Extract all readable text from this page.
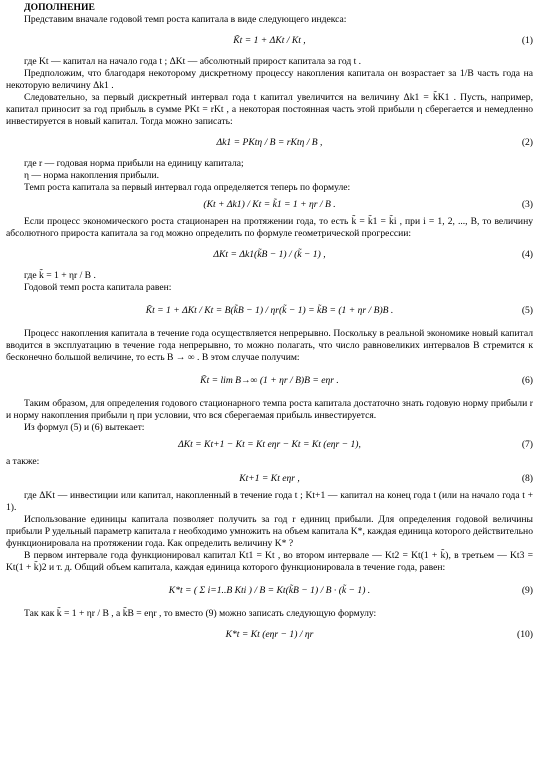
ДОПОЛНЕНИЕ

Представим вначале годовой темп роста капитала в виде следующего индекса:

K̃t = 1 + ΔKt / Kt ,	(1)

где Kt — капитал на начало года t ; ΔKt — абсолютный прирост капитала за год t .

Предположим, что благодаря некоторому дискретному процессу накопления капитала он возрастает за 1/B часть года на некоторую величину Δk1 .

Следовательно, за первый дискретный интервал года t капитал увеличится на величину Δk1 = k̃K1 . Пусть, например, капитал приносит за год прибыль в сумме PKt = rKt , а некоторая постоянная часть этой прибыли η сберегается и немедленно инвестируется в новый капитал. Тогда можно записать:

Δk1 = PKtη / B = rKtη / B ,	(2)

где r — годовая норма прибыли на единицу капитала;

η — норма накопления прибыли.

Темп роста капитала за первый интервал года определяется теперь по формуле:

(Kt + Δk1) / Kt = k̃1 = 1 + ηr / B .	(3)

Если процесс экономического роста стационарен на протяжении года, то есть k̃ = k̃1 = k̃i , при i = 1, 2, ..., B, то величину абсолютного прироста капитала за год можно определить по формуле геометрической прогрессии:

ΔKt = Δk1(k̃B − 1) / (k̃ − 1) ,	(4)

где k̃ = 1 + ηr / B .

Годовой темп роста капитала равен:

K̃t = 1 + ΔKt / Kt = B(k̃B − 1) / ηr(k̃ − 1) = k̃B = (1 + ηr / B)B .	(5)

Процесс накопления капитала в течение года осуществляется непрерывно. Поскольку в реальной экономике новый капитал вводится в эксплуатацию в течение года непрерывно, то можно полагать, что число равновеликих интервалов B стремится к бесконечно большой величине, то есть B → ∞ . В этом случае получим:

K̃t = lim B→∞ (1 + ηr / B)B = eηr .	(6)

Таким образом, для определения годового стационарного темпа роста капитала достаточно знать годовую норму прибыли r и норму накопления прибыли η при условии, что вся сберегаемая прибыль инвестируется.

Из формул (5) и (6) вытекает:

ΔKt = Kt+1 − Kt = Kt eηr − Kt = Kt (eηr − 1),	(7)

а также:

Kt+1 = Kt eηr ,	(8)

где ΔKt — инвестиции или капитал, накопленный в течение года t ; Kt+1 — капитал на конец года t (или на начало года t + 1).

Использование единицы капитала позволяет получить за год r единиц прибыли. Для определения годовой величины прибыли P удельный параметр капитала r необходимо умножить на объем капитала K*, каждая единица которого действительно функционировала на протяжении года. Как определить величину K* ?

В первом интервале года функционировал капитал Kt1 = Kt , во втором интервале — Kt2 = Kt(1 + k̃), в третьем — Kt3 = Kt(1 + k̃)2 и т. д. Общий объем капитала, каждая единица которого функционировала в течение года, равен:

K*t = ( Σ i=1..B Kti ) / B = Kt(k̃B − 1) / B · (k̃ − 1) .	(9)

Так как k̃ = 1 + ηr / B , а k̃B = eηr , то вместо (9) можно записать следующую формулу:

K*t = Kt (eηr − 1) / ηr	(10)
